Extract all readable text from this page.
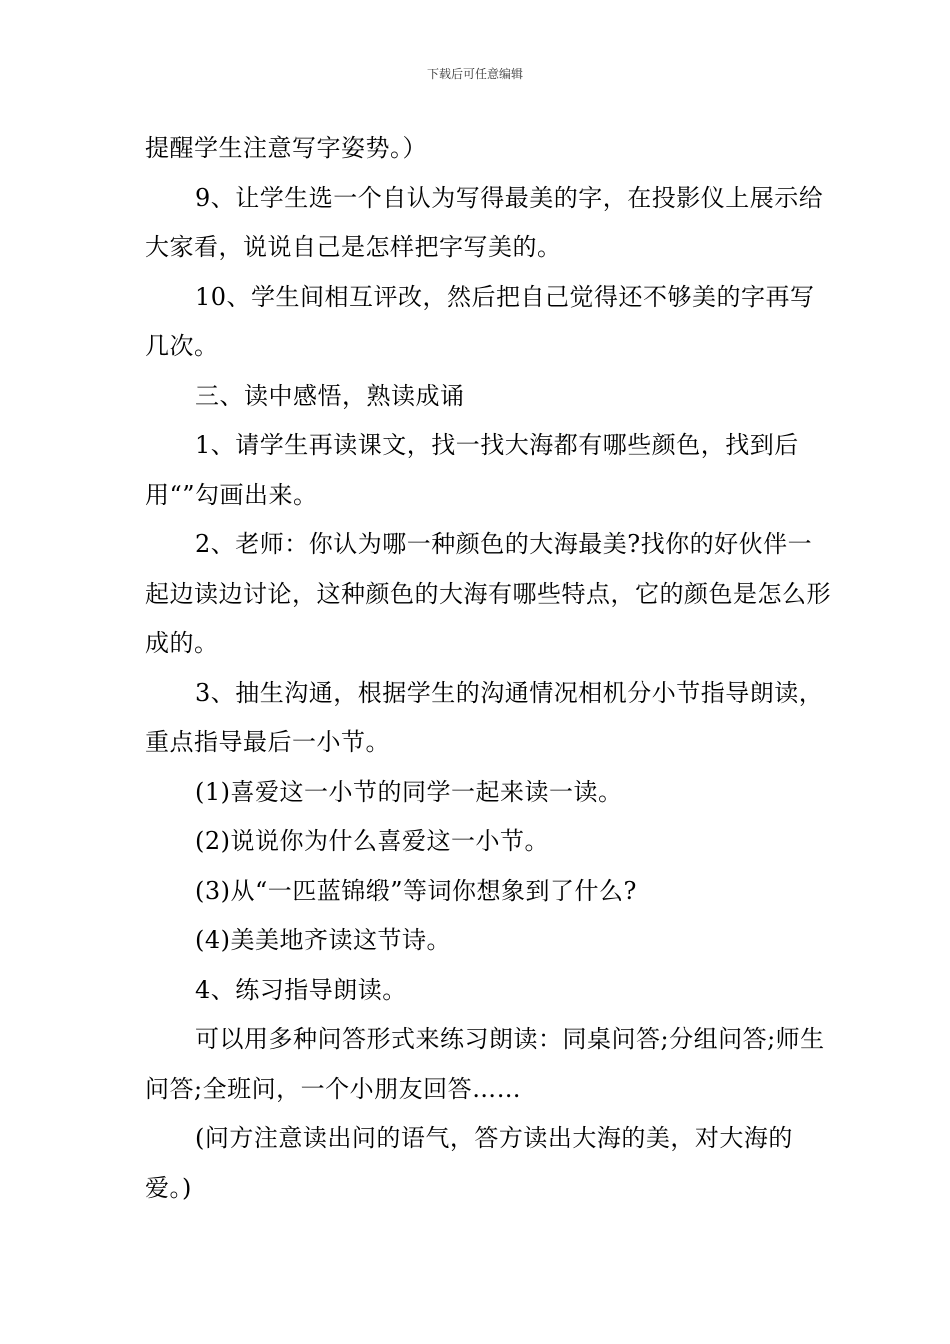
下载后可任意编辑

提醒学生注意写字姿势。）

9、让学生选一个自认为写得最美的字，在投影仪上展示给大家看，说说自己是怎样把字写美的。

10、学生间相互评改，然后把自己觉得还不够美的字再写几次。

三、读中感悟，熟读成诵

1、请学生再读课文，找一找大海都有哪些颜色，找到后用“”勾画出来。

2、老师：你认为哪一种颜色的大海最美?找你的好伙伴一起边读边讨论，这种颜色的大海有哪些特点，它的颜色是怎么形成的。

3、抽生沟通，根据学生的沟通情况相机分小节指导朗读，重点指导最后一小节。

(1)喜爱这一小节的同学一起来读一读。

(2)说说你为什么喜爱这一小节。

(3)从“一匹蓝锦缎”等词你想象到了什么?

(4)美美地齐读这节诗。

4、练习指导朗读。

可以用多种问答形式来练习朗读：同桌问答;分组问答;师生问答;全班问，一个小朋友回答……

(问方注意读出问的语气，答方读出大海的美，对大海的爱。)
